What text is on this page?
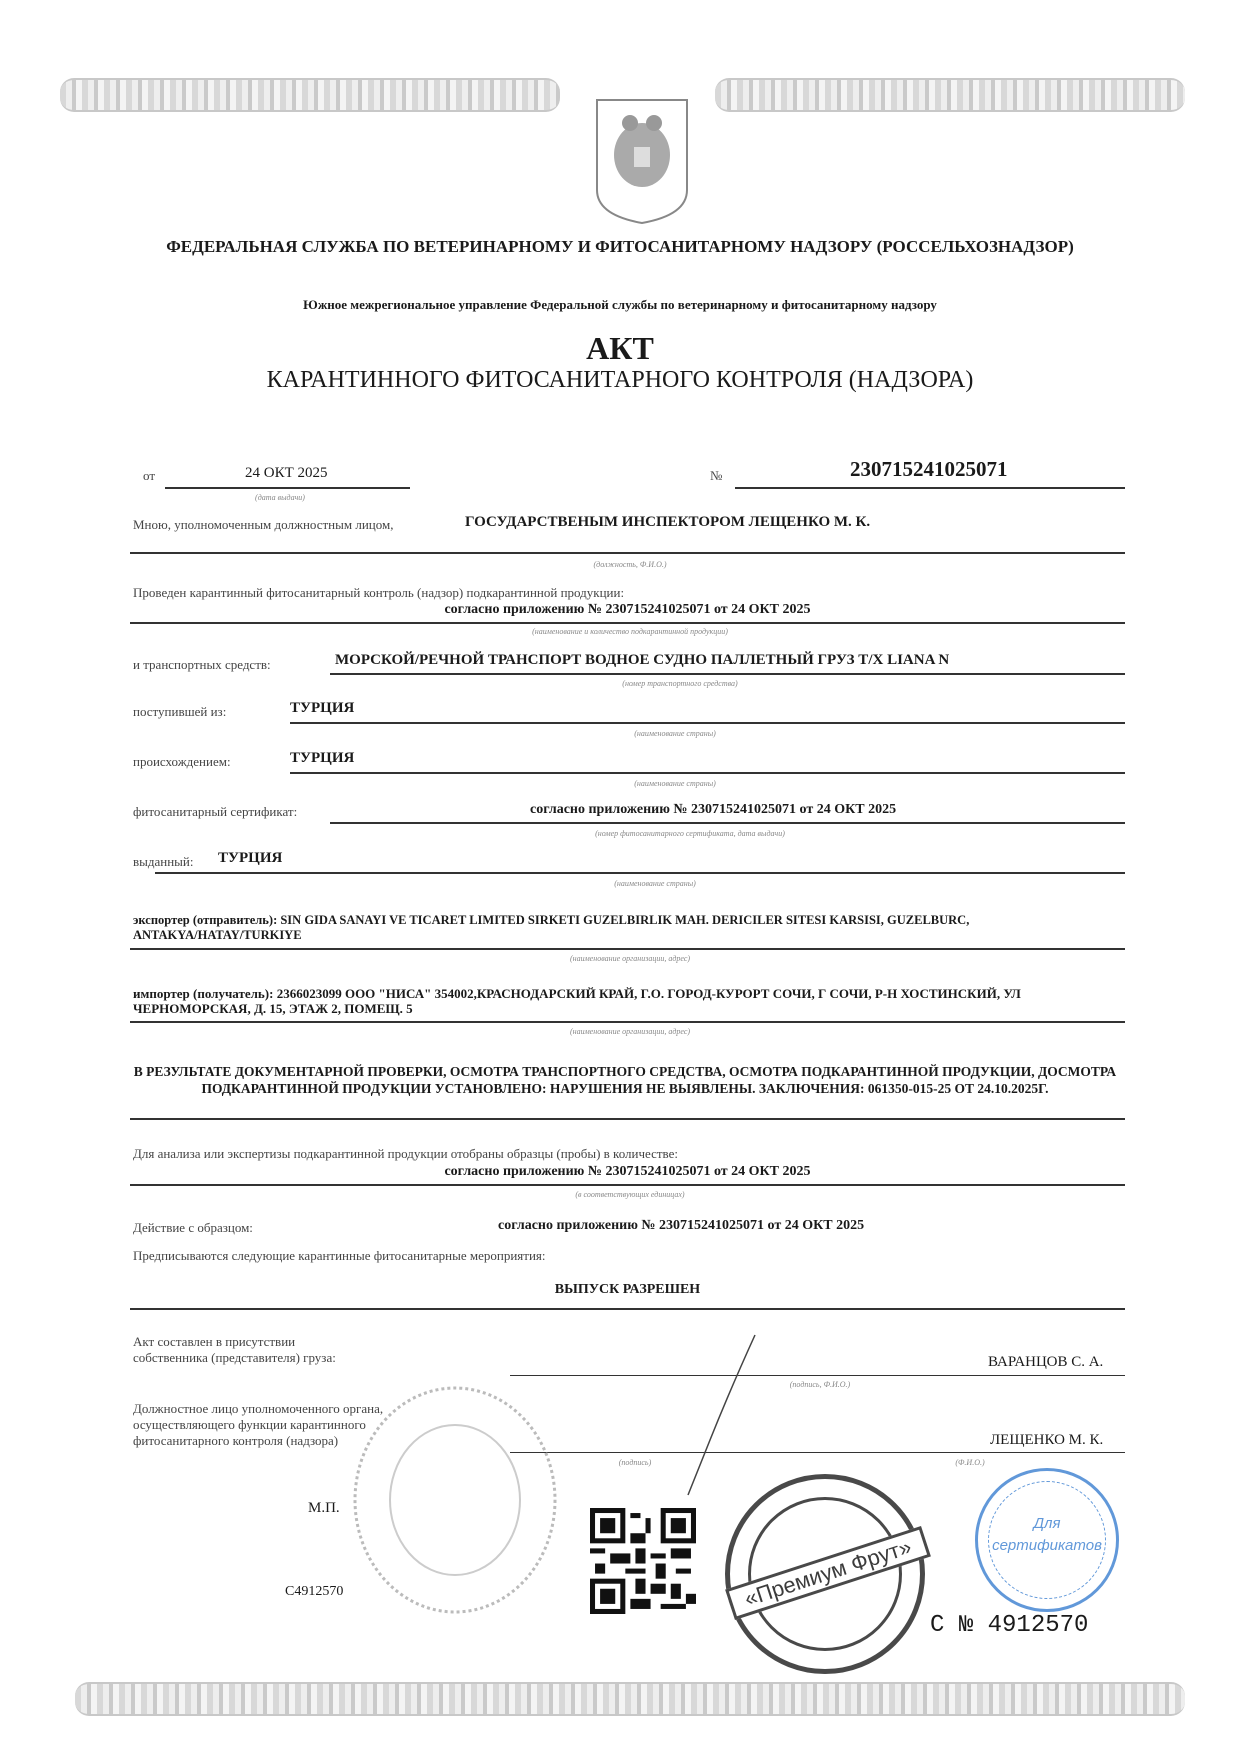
ФЕДЕРАЛЬНАЯ СЛУЖБА ПО ВЕТЕРИНАРНОМУ И ФИТОСАНИТАРНОМУ НАДЗОРУ (РОССЕЛЬХОЗНАДЗОР)
Южное межрегиональное управление Федеральной службы по ветеринарному и фитосанитарному надзору
АКТ
КАРАНТИННОГО ФИТОСАНИТАРНОГО КОНТРОЛЯ (НАДЗОРА)
от	24 ОКТ 2025
(дата выдачи)
№	230715241025071
Мною, уполномоченным должностным лицом,	ГОСУДАРСТВЕНЫМ ИНСПЕКТОРОМ ЛЕЩЕНКО М. К.
(должность, Ф.И.О.)
Проведен карантинный фитосанитарный контроль (надзор) подкарантинной продукции:
согласно приложению № 230715241025071 от 24 ОКТ 2025
(наименование и количество подкарантинной продукции)
и транспортных средств:	МОРСКОЙ/РЕЧНОЙ ТРАНСПОРТ ВОДНОЕ СУДНО ПАЛЛЕТНЫЙ ГРУЗ Т/Х LIANA N
(номер транспортного средства)
поступившей из:	ТУРЦИЯ
(наименование страны)
происхождением:	ТУРЦИЯ
(наименование страны)
фитосанитарный сертификат:	согласно приложению № 230715241025071 от 24 ОКТ 2025
(номер фитосанитарного сертификата, дата выдачи)
выданный: ТУРЦИЯ
(наименование страны)
экспортер (отправитель): SIN GIDA SANAYI VE TICARET LIMITED SIRKETI GUZELBIRLIK MAH. DERICILER SITESI KARSISI, GUZELBURC, ANTAKYA/HATAY/TURKIYE
(наименование организации, адрес)
импортер (получатель): 2366023099 ООО "НИСА" 354002,КРАСНОДАРСКИЙ КРАЙ, Г.О. ГОРОД-КУРОРТ СОЧИ, Г СОЧИ, Р-Н ХОСТИНСКИЙ, УЛ ЧЕРНОМОРСКАЯ, Д. 15, ЭТАЖ 2, ПОМЕЩ. 5
(наименование организации, адрес)
В РЕЗУЛЬТАТЕ ДОКУМЕНТАРНОЙ ПРОВЕРКИ, ОСМОТРА ТРАНСПОРТНОГО СРЕДСТВА, ОСМОТРА ПОДКАРАНТИННОЙ ПРОДУКЦИИ, ДОСМОТРА ПОДКАРАНТИННОЙ ПРОДУКЦИИ УСТАНОВЛЕНО: НАРУШЕНИЯ НЕ ВЫЯВЛЕНЫ. ЗАКЛЮЧЕНИЯ: 061350-015-25 ОТ 24.10.2025Г.
Для анализа или экспертизы подкарантинной продукции отобраны образцы (пробы) в количестве:
согласно приложению № 230715241025071 от 24 ОКТ 2025
(в соответствующих единицах)
Действие с образцом:	согласно приложению № 230715241025071 от 24 ОКТ 2025
Предписываются следующие карантинные фитосанитарные мероприятия:
ВЫПУСК РАЗРЕШЕН
Акт составлен в присутствии собственника (представителя) груза:	ВАРАНЦОВ С. А.
(подпись, Ф.И.О.)
Должностное лицо уполномоченного органа, осуществляющего функции карантинного фитосанитарного контроля (надзора)	ЛЕЩЕНКО М. К.
(подпись)	(Ф.И.О.)
М.П.
С4912570
С № 4912570
«Премиум Фрут»
Для
сертификатов
